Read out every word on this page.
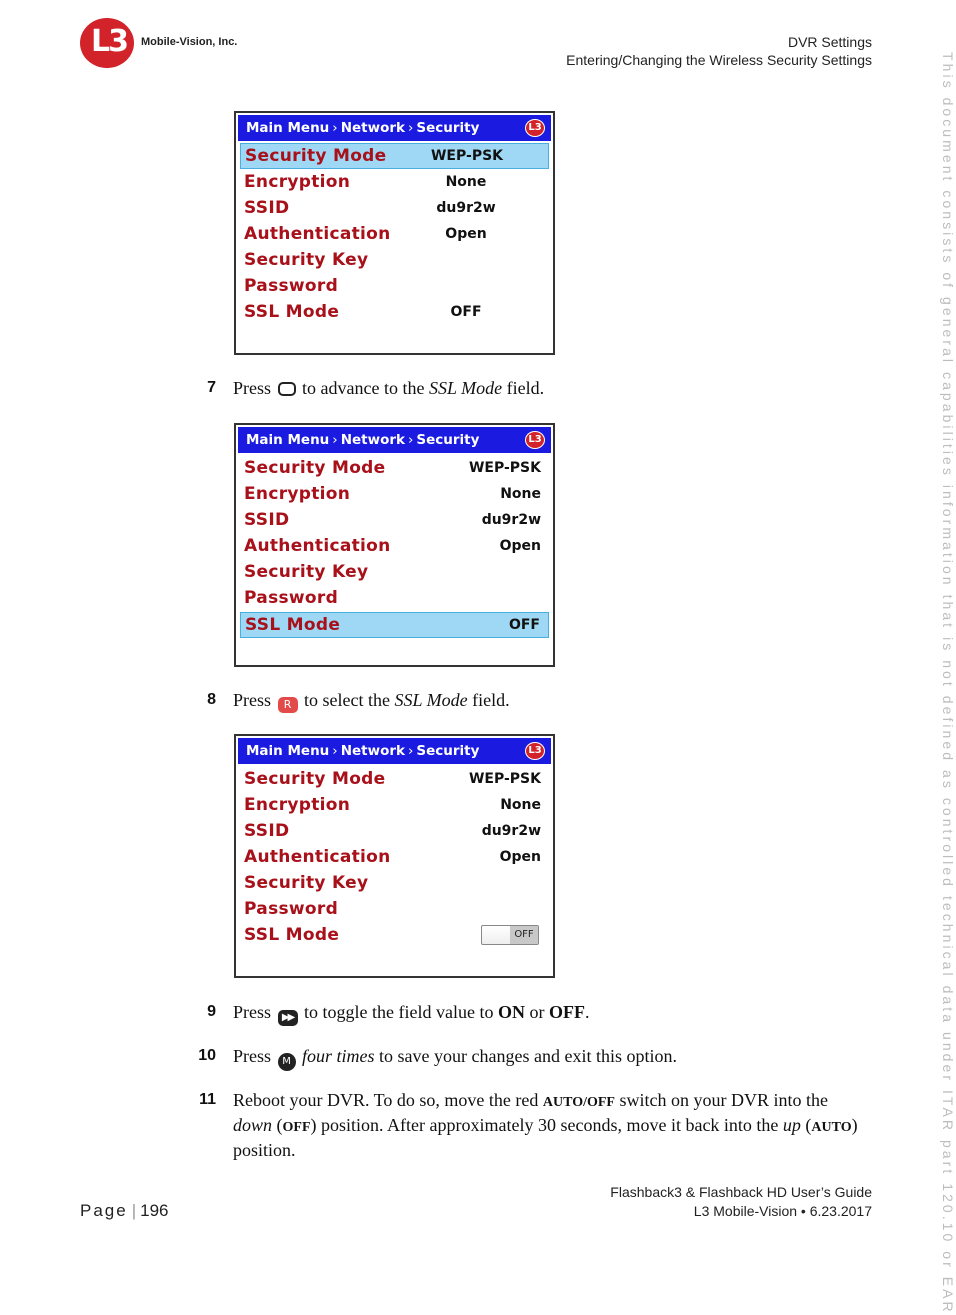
L3	Mobile-Vision, Inc.	DVR Settings
Entering/Changing the Wireless Security Settings	This document consists of general capabilities information that is not defined as controlled technical data under ITAR part 120.10 or EAR
Main Menu › Network › Security	L3
Security Mode	WEP-PSK
Encryption	None
SSID	du9r2w
Authentication	Open
Security Key
Password
SSL Mode	OFF
7 Press to advance to the SSL Mode field.
Main Menu › Network › Security	L3
Security Mode	WEP-PSK
Encryption	None
SSID	du9r2w
Authentication	Open
Security Key
Password
SSL Mode	OFF
8 Press R to select the SSL Mode field.
Main Menu › Network › Security	L3
Security Mode	WEP-PSK
Encryption	None
SSID	du9r2w
Authentication	Open
Security Key
Password
SSL Mode	OFF
9 Press ▶▶ to toggle the field value to ON or OFF.
10 Press M four times to save your changes and exit this option.
11 Reboot your DVR. To do so, move the red AUTO/OFF switch on your DVR into the down (OFF) position. After approximately 30 seconds, move it back into the up (AUTO) position.
Page | 196
Flashback3 & Flashback HD User’s Guide
L3 Mobile-Vision • 6.23.2017
